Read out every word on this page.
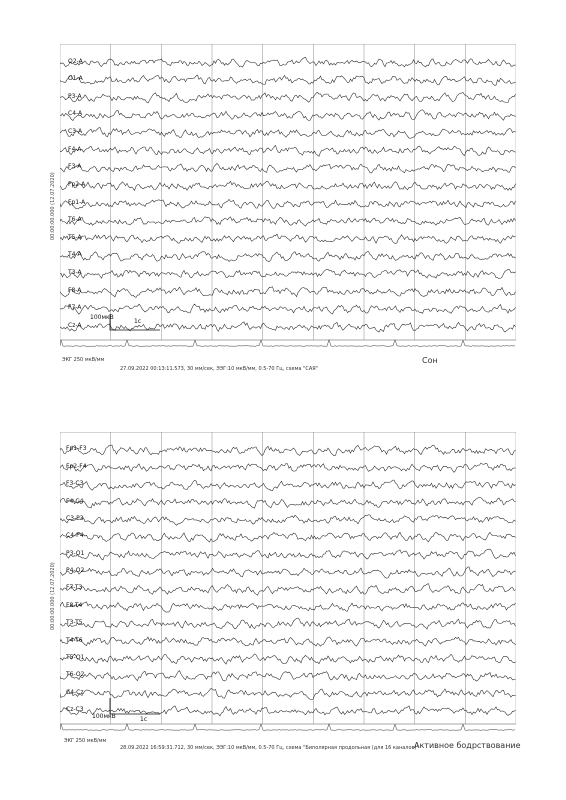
00:00:00.000 (12.07.2020)
O2-A
O1-A
P3-A
C4-A
C3-A
F4-A
F3-A
Fp2-A
Fp1-A
T6-A
T5-A
T4-A
T3-A
F8-A
F7-A
Cz-A
100мкВ
1с
ЭКГ 250 мкВ/мм
27.09.2022 00:13:11.573, 30 мм/сек, ЭЭГ:10 мкВ/мм, 0.5-70 Гц, схема "САЯ"
Сон
00:00:00.000 (12.07.2020)
Fp1-F3
Fp2-F4
F3-C3
F4-C4
C3-P3
C4-P4
P3-O1
P4-O2
F7-T3
F8-T4
T3-T5
T4-T6
T5-O1
T6-O2
C4-Cz
Cz-C3
100мкВ	1с
ЭКГ 250 мкВ/мм
28.09.2022 16:59:31.712, 30 мм/сек, ЭЭГ:10 мкВ/мм, 0.5-70 Гц, схема "Биполярная продольная (для 16 каналов)"
Активное бодрствование
